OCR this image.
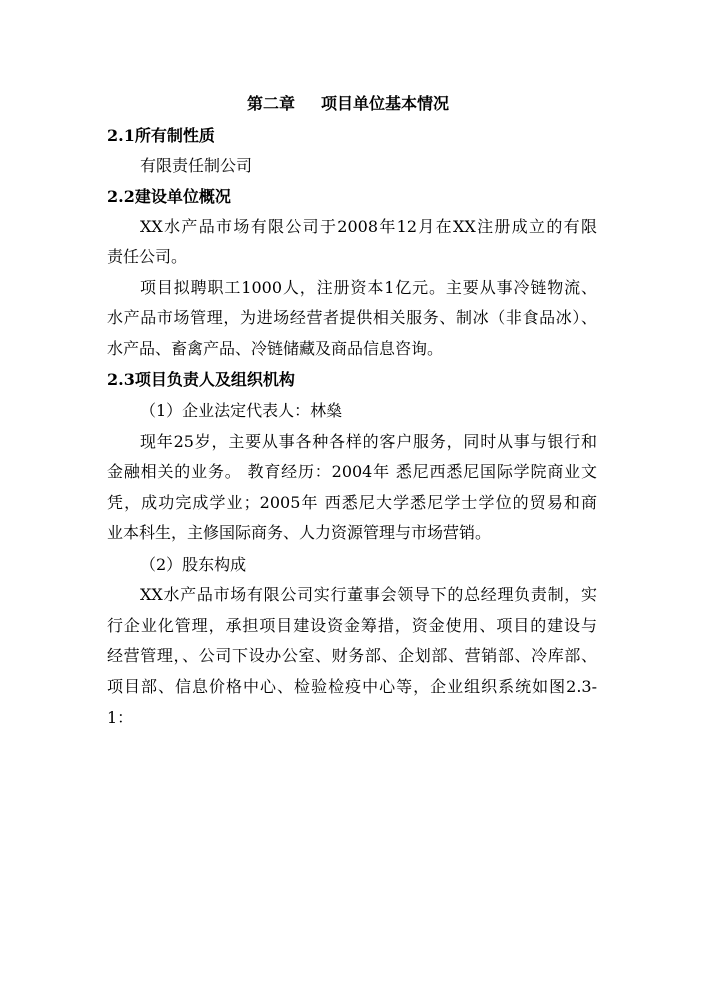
第二章 项目单位基本情况
2.1所有制性质
有限责任制公司
2.2建设单位概况
XX水产品市场有限公司于2008年12月在XX注册成立的有限
责任公司。
项目拟聘职工1000人，注册资本1亿元。主要从事冷链物流、
水产品市场管理，为进场经营者提供相关服务、制冰（非食品冰）、
水产品、畜禽产品、冷链储藏及商品信息咨询。
2.3项目负责人及组织机构
（1）企业法定代表人：林燊
现年25岁，主要从事各种各样的客户服务，同时从事与银行和
金融相关的业务。 教育经历：2004年 悉尼西悉尼国际学院商业文
凭，成功完成学业；2005年 西悉尼大学悉尼学士学位的贸易和商
业本科生，主修国际商务、人力资源管理与市场营销。
（2）股东构成
XX水产品市场有限公司实行董事会领导下的总经理负责制，实
行企业化管理，承担项目建设资金筹措，资金使用、项目的建设与
经营管理，、公司下设办公室、财务部、企划部、营销部、冷库部、
项目部、信息价格中心、检验检疫中心等，企业组织系统如图2.3-
1：
